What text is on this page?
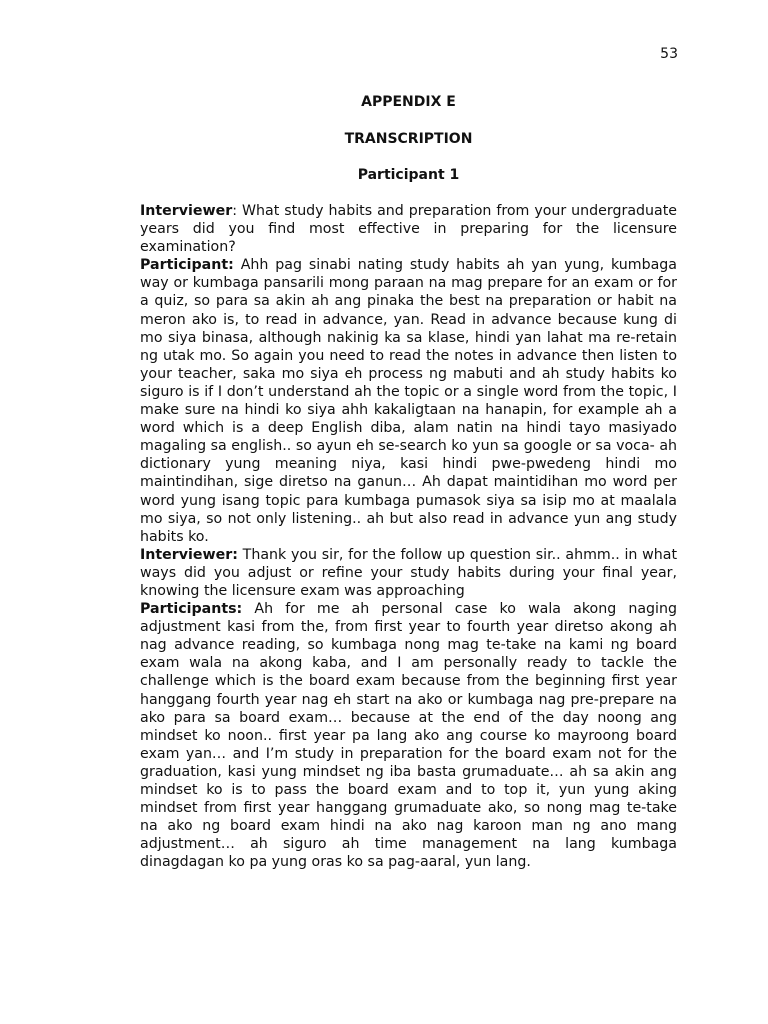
53
APPENDIX E
TRANSCRIPTION
Participant 1

Interviewer: What study habits and preparation from your undergraduate years did you find most effective in preparing for the licensure examination?

Participant: Ahh pag sinabi nating study habits ah yan yung, kumbaga way or kumbaga pansarili mong paraan na mag prepare for an exam or for a quiz, so para sa akin ah ang pinaka the best na preparation or habit na meron ako is, to read in advance, yan. Read in advance because kung di mo siya binasa, although nakinig ka sa klase, hindi yan lahat ma re-retain ng utak mo. So again you need to read the notes in advance then listen to your teacher, saka mo siya eh process ng mabuti and ah study habits ko siguro is if I don’t understand ah the topic or a single word from the topic, I make sure na hindi ko siya ahh kakaligtaan na hanapin, for example ah a word which is a deep English diba, alam natin na hindi tayo masiyado magaling sa english.. so ayun eh se-search ko yun sa google or sa voca- ah dictionary yung meaning niya, kasi hindi pwe-pwedeng hindi mo maintindihan, sige diretso na ganun… Ah dapat maintidihan mo word per word yung isang topic para kumbaga pumasok siya sa isip mo at maalala mo siya, so not only listening.. ah but also read in advance yun ang study habits ko.

Interviewer: Thank you sir, for the follow up question sir.. ahmm.. in what ways did you adjust or refine your study habits during your final year, knowing the licensure exam was approaching

Participants: Ah for me ah personal case ko wala akong naging adjustment kasi from the, from first year to fourth year diretso akong ah nag advance reading, so kumbaga nong mag te-take na kami ng board exam wala na akong kaba, and I am personally ready to tackle the challenge which is the board exam because from the beginning first year hanggang fourth year nag eh start na ako or kumbaga nag pre-prepare na ako para sa board exam… because at the end of the day noong ang mindset ko noon.. first year pa lang ako ang course ko mayroong board exam yan… and I’m study in preparation for the board exam not for the graduation, kasi yung mindset ng iba basta grumaduate… ah sa akin ang mindset ko is to pass the board exam and to top it, yun yung aking mindset from first year hanggang grumaduate ako, so nong mag te-take na ako ng board exam hindi na ako nag karoon man ng ano mang adjustment… ah siguro ah time management na lang kumbaga dinagdagan ko pa yung oras ko sa pag-aaral, yun lang.
